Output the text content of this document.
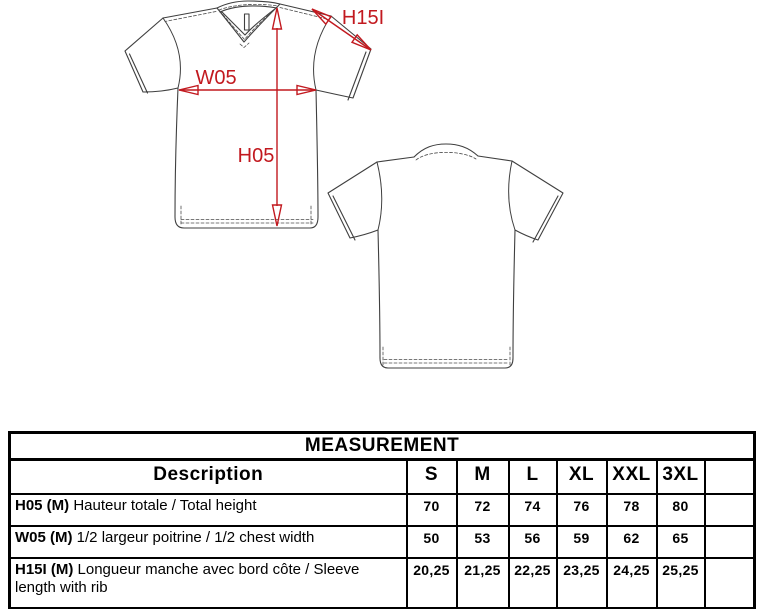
H15I
W05
H05
MEASUREMENT							
Description	S	M	L	XL	XXL	3XL	
H05 (M) Hauteur totale / Total height	70	72	74	76	78	80	
W05 (M) 1/2 largeur poitrine / 1/2 chest width	50	53	56	59	62	65	
H15I (M) Longueur manche avec bord côte / Sleeve length with rib	20,25	21,25	22,25	23,25	24,25	25,25	
